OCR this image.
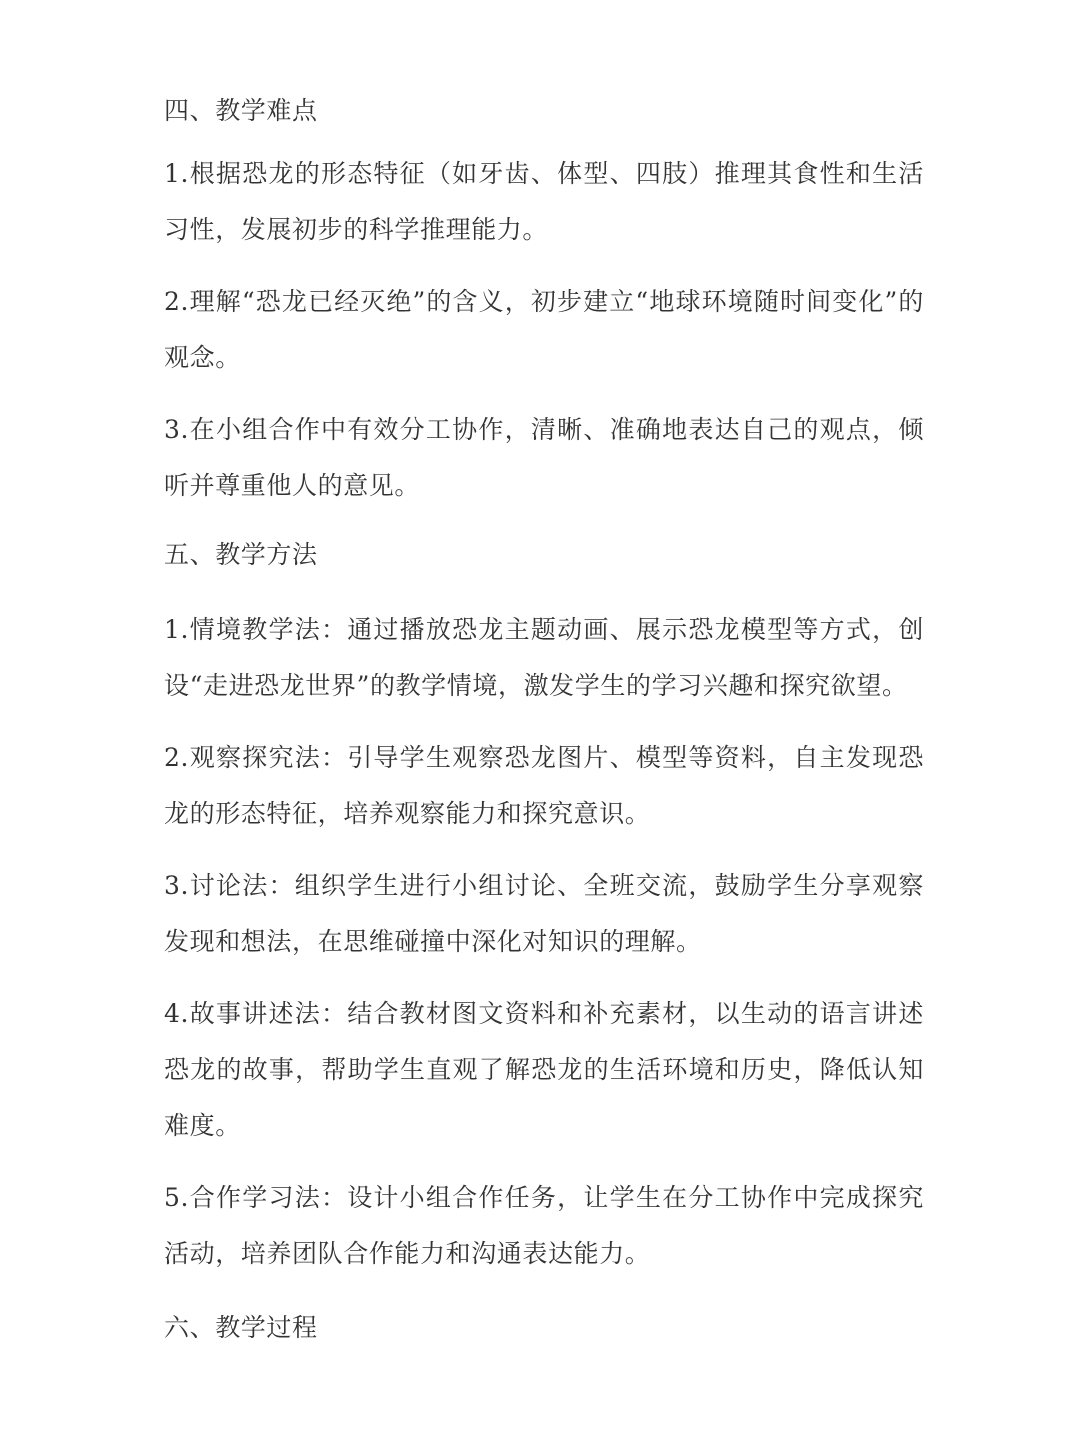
四、教学难点

1.根据恐龙的形态特征（如牙齿、体型、四肢）推理其食性和生活习性，发展初步的科学推理能力。

2.理解“恐龙已经灭绝”的含义，初步建立“地球环境随时间变化”的观念。

3.在小组合作中有效分工协作，清晰、准确地表达自己的观点，倾听并尊重他人的意见。

五、教学方法

1.情境教学法：通过播放恐龙主题动画、展示恐龙模型等方式，创设“走进恐龙世界”的教学情境，激发学生的学习兴趣和探究欲望。

2.观察探究法：引导学生观察恐龙图片、模型等资料，自主发现恐龙的形态特征，培养观察能力和探究意识。

3.讨论法：组织学生进行小组讨论、全班交流，鼓励学生分享观察发现和想法，在思维碰撞中深化对知识的理解。

4.故事讲述法：结合教材图文资料和补充素材，以生动的语言讲述恐龙的故事，帮助学生直观了解恐龙的生活环境和历史，降低认知难度。

5.合作学习法：设计小组合作任务，让学生在分工协作中完成探究活动，培养团队合作能力和沟通表达能力。

六、教学过程
